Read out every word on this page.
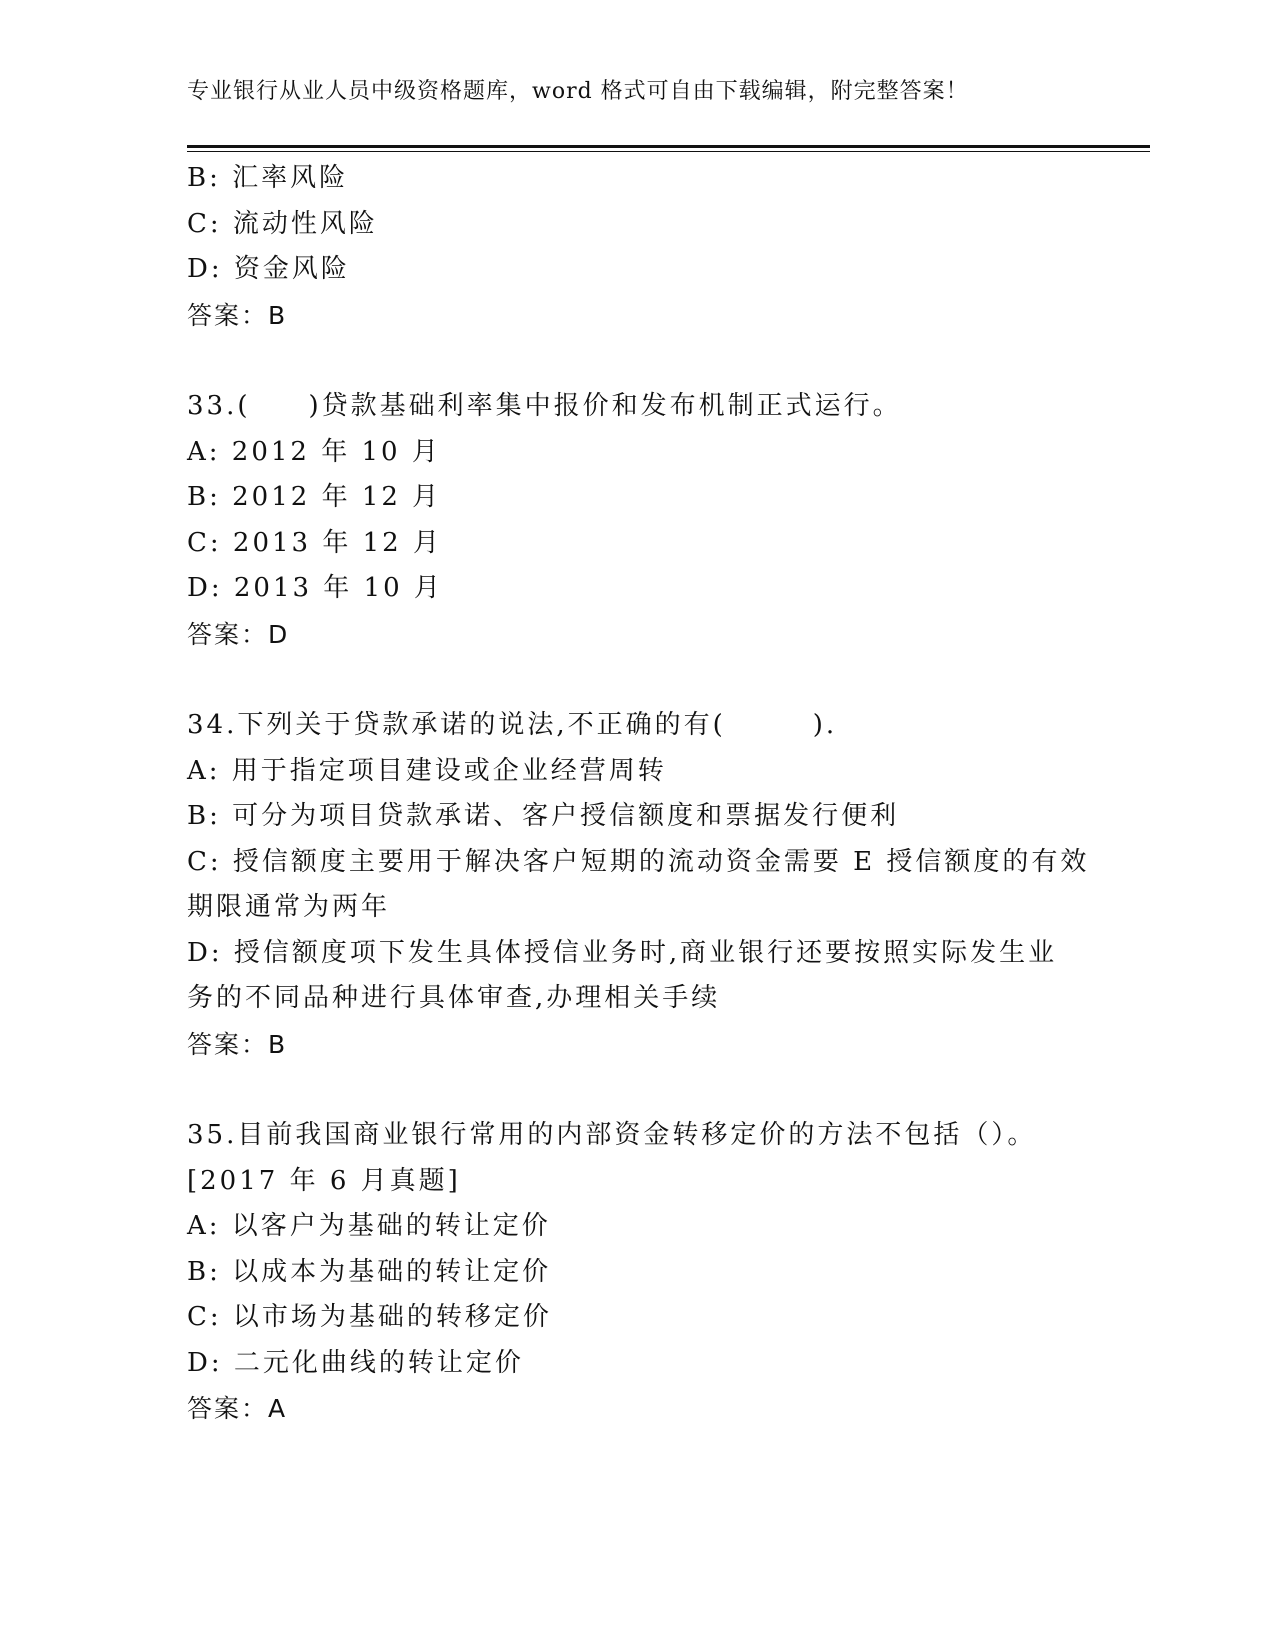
专业银行从业人员中级资格题库，word 格式可自由下载编辑，附完整答案！
B: 汇率风险
C: 流动性风险
D: 资金风险
答案：B
33.(　　)贷款基础利率集中报价和发布机制正式运行。
A: 2012 年 10 月
B: 2012 年 12 月
C: 2013 年 12 月
D: 2013 年 10 月
答案：D
34.下列关于贷款承诺的说法,不正确的有(　　　).
A: 用于指定项目建设或企业经营周转
B: 可分为项目贷款承诺、客户授信额度和票据发行便利
C: 授信额度主要用于解决客户短期的流动资金需要 E 授信额度的有效
期限通常为两年
D: 授信额度项下发生具体授信业务时,商业银行还要按照实际发生业
务的不同品种进行具体审查,办理相关手续
答案：B
35.目前我国商业银行常用的内部资金转移定价的方法不包括（）。
[2017 年 6 月真题]
A: 以客户为基础的转让定价
B: 以成本为基础的转让定价
C: 以市场为基础的转移定价
D: 二元化曲线的转让定价
答案：A
